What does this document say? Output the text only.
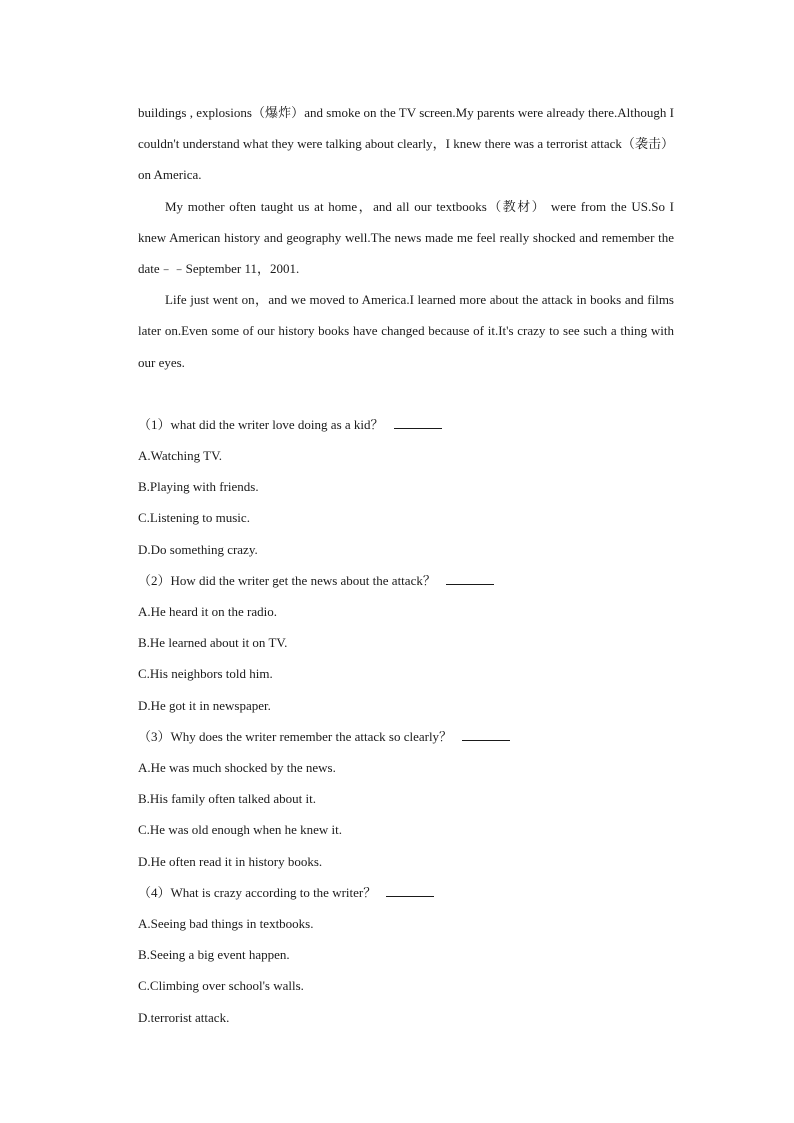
buildings , explosions（爆炸）and smoke on the TV screen.My parents were already there.Although I couldn't understand what they were talking about clearly，I knew there was a terrorist attack（袭击）on America.

My mother often taught us at home，and all our textbooks（教材） were from the US.So I knew American history and geography well.The news made me feel really shocked and remember the date﹣﹣September 11，2001.

Life just went on，and we moved to America.I learned more about the attack in books and films later on.Even some of our history books have changed because of it.It's crazy to see such a thing with our eyes.

（1）what did the writer love doing as a kid？

A.Watching TV.

B.Playing with friends.

C.Listening to music.

D.Do something crazy.

（2）How did the writer get the news about the attack？

A.He heard it on the radio.

B.He learned about it on TV.

C.His neighbors told him.

D.He got it in newspaper.

（3）Why does the writer remember the attack so clearly？

A.He was much shocked by the news.

B.His family often talked about it.

C.He was old enough when he knew it.

D.He often read it in history books.

（4）What is crazy according to the writer？

A.Seeing bad things in textbooks.

B.Seeing a big event happen.

C.Climbing over school's walls.

D.terrorist attack.
